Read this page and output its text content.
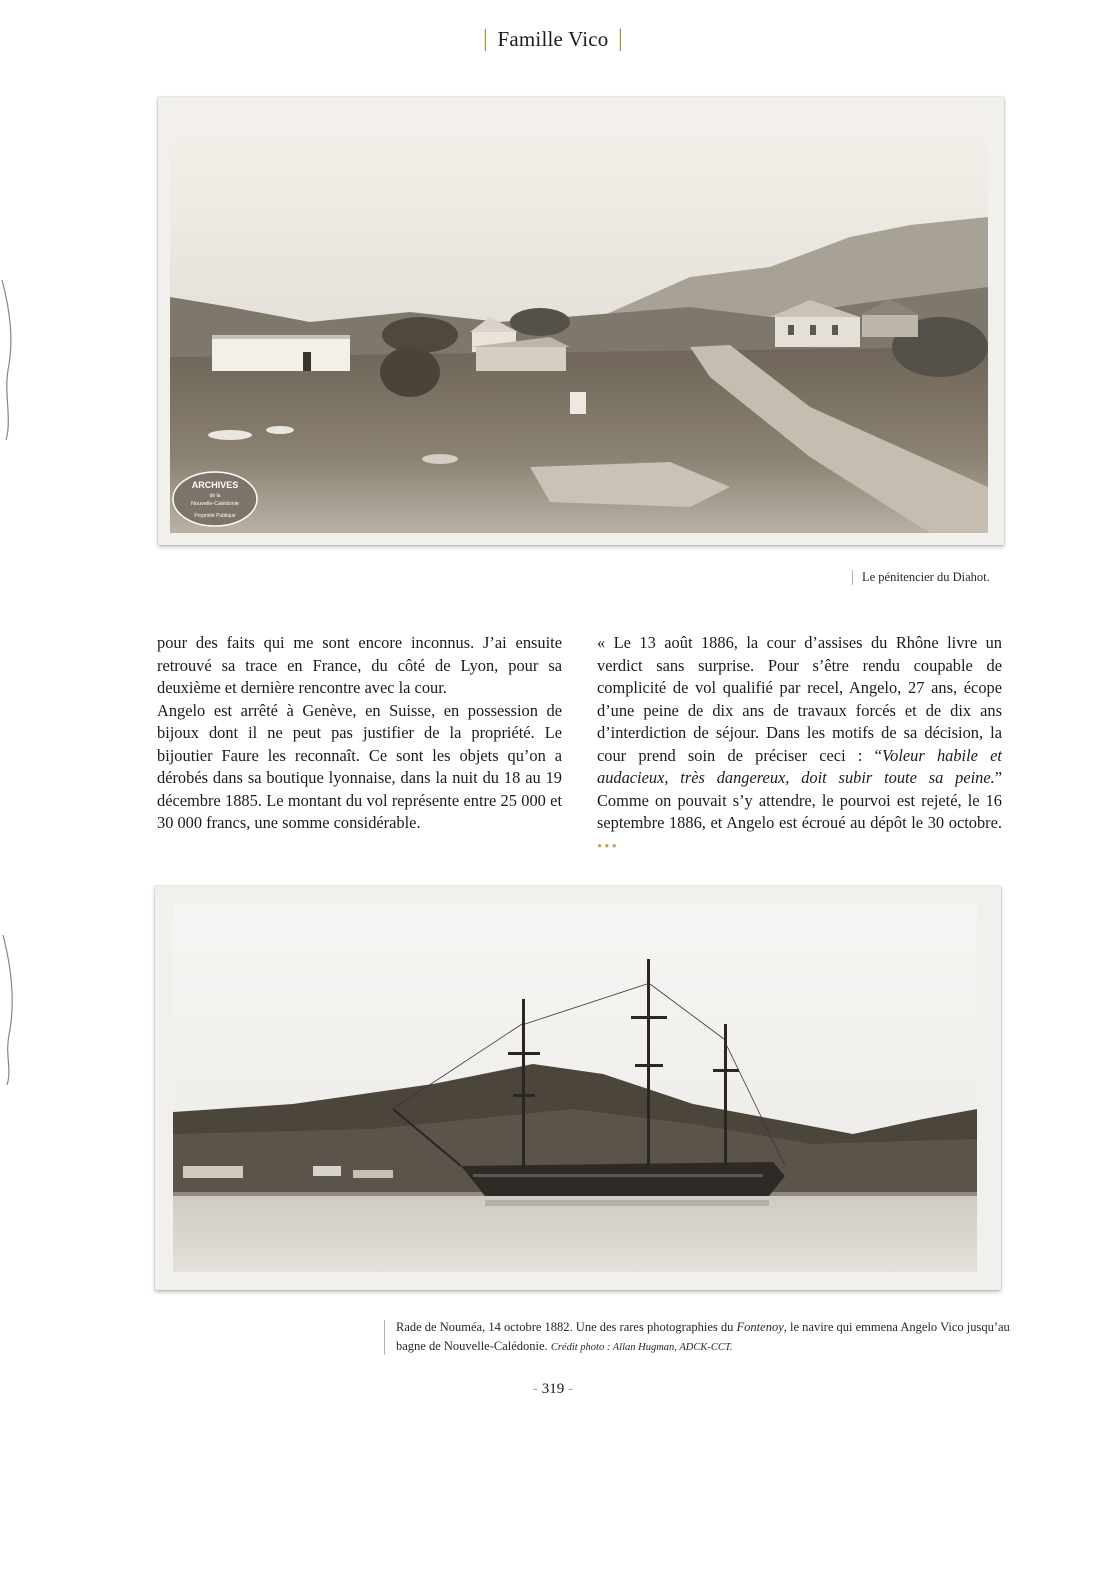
| Famille Vico |
ARCHIVES
de la
Nouvelle-Calédonie
Propriété Publique
Le pénitencier du Diahot.

pour des faits qui me sont encore inconnus. J’ai ensuite retrouvé sa trace en France, du côté de Lyon, pour sa deuxième et dernière rencontre avec la cour.

Angelo est arrêté à Genève, en Suisse, en possession de bijoux dont il ne peut pas justifier de la propriété. Le bijoutier Faure les reconnaît. Ce sont les objets qu’on a dérobés dans sa boutique lyonnaise, dans la nuit du 18 au 19 décembre 1885. Le montant du vol représente entre 25 000 et 30 000 francs, une somme considérable.

« Le 13 août 1886, la cour d’assises du Rhône livre un verdict sans surprise. Pour s’être rendu coupable de complicité de vol qualifié par recel, Angelo, 27 ans, écope d’une peine de dix ans de travaux forcés et de dix ans d’interdiction de séjour. Dans les motifs de sa décision, la cour prend soin de préciser ceci : “Voleur habile et audacieux, très dangereux, doit subir toute sa peine.” Comme on pouvait s’y attendre, le pourvoi est rejeté, le 16 septembre 1886, et Angelo est écroué au dépôt le 30 octobre. •••

Rade de Nouméa, 14 octobre 1882. Une des rares photographies du Fontenoy, le navire qui emmena Angelo Vico jusqu’au bagne de Nouvelle-Calédonie. Crédit photo : Allan Hugman, ADCK-CCT.
- 319 -
